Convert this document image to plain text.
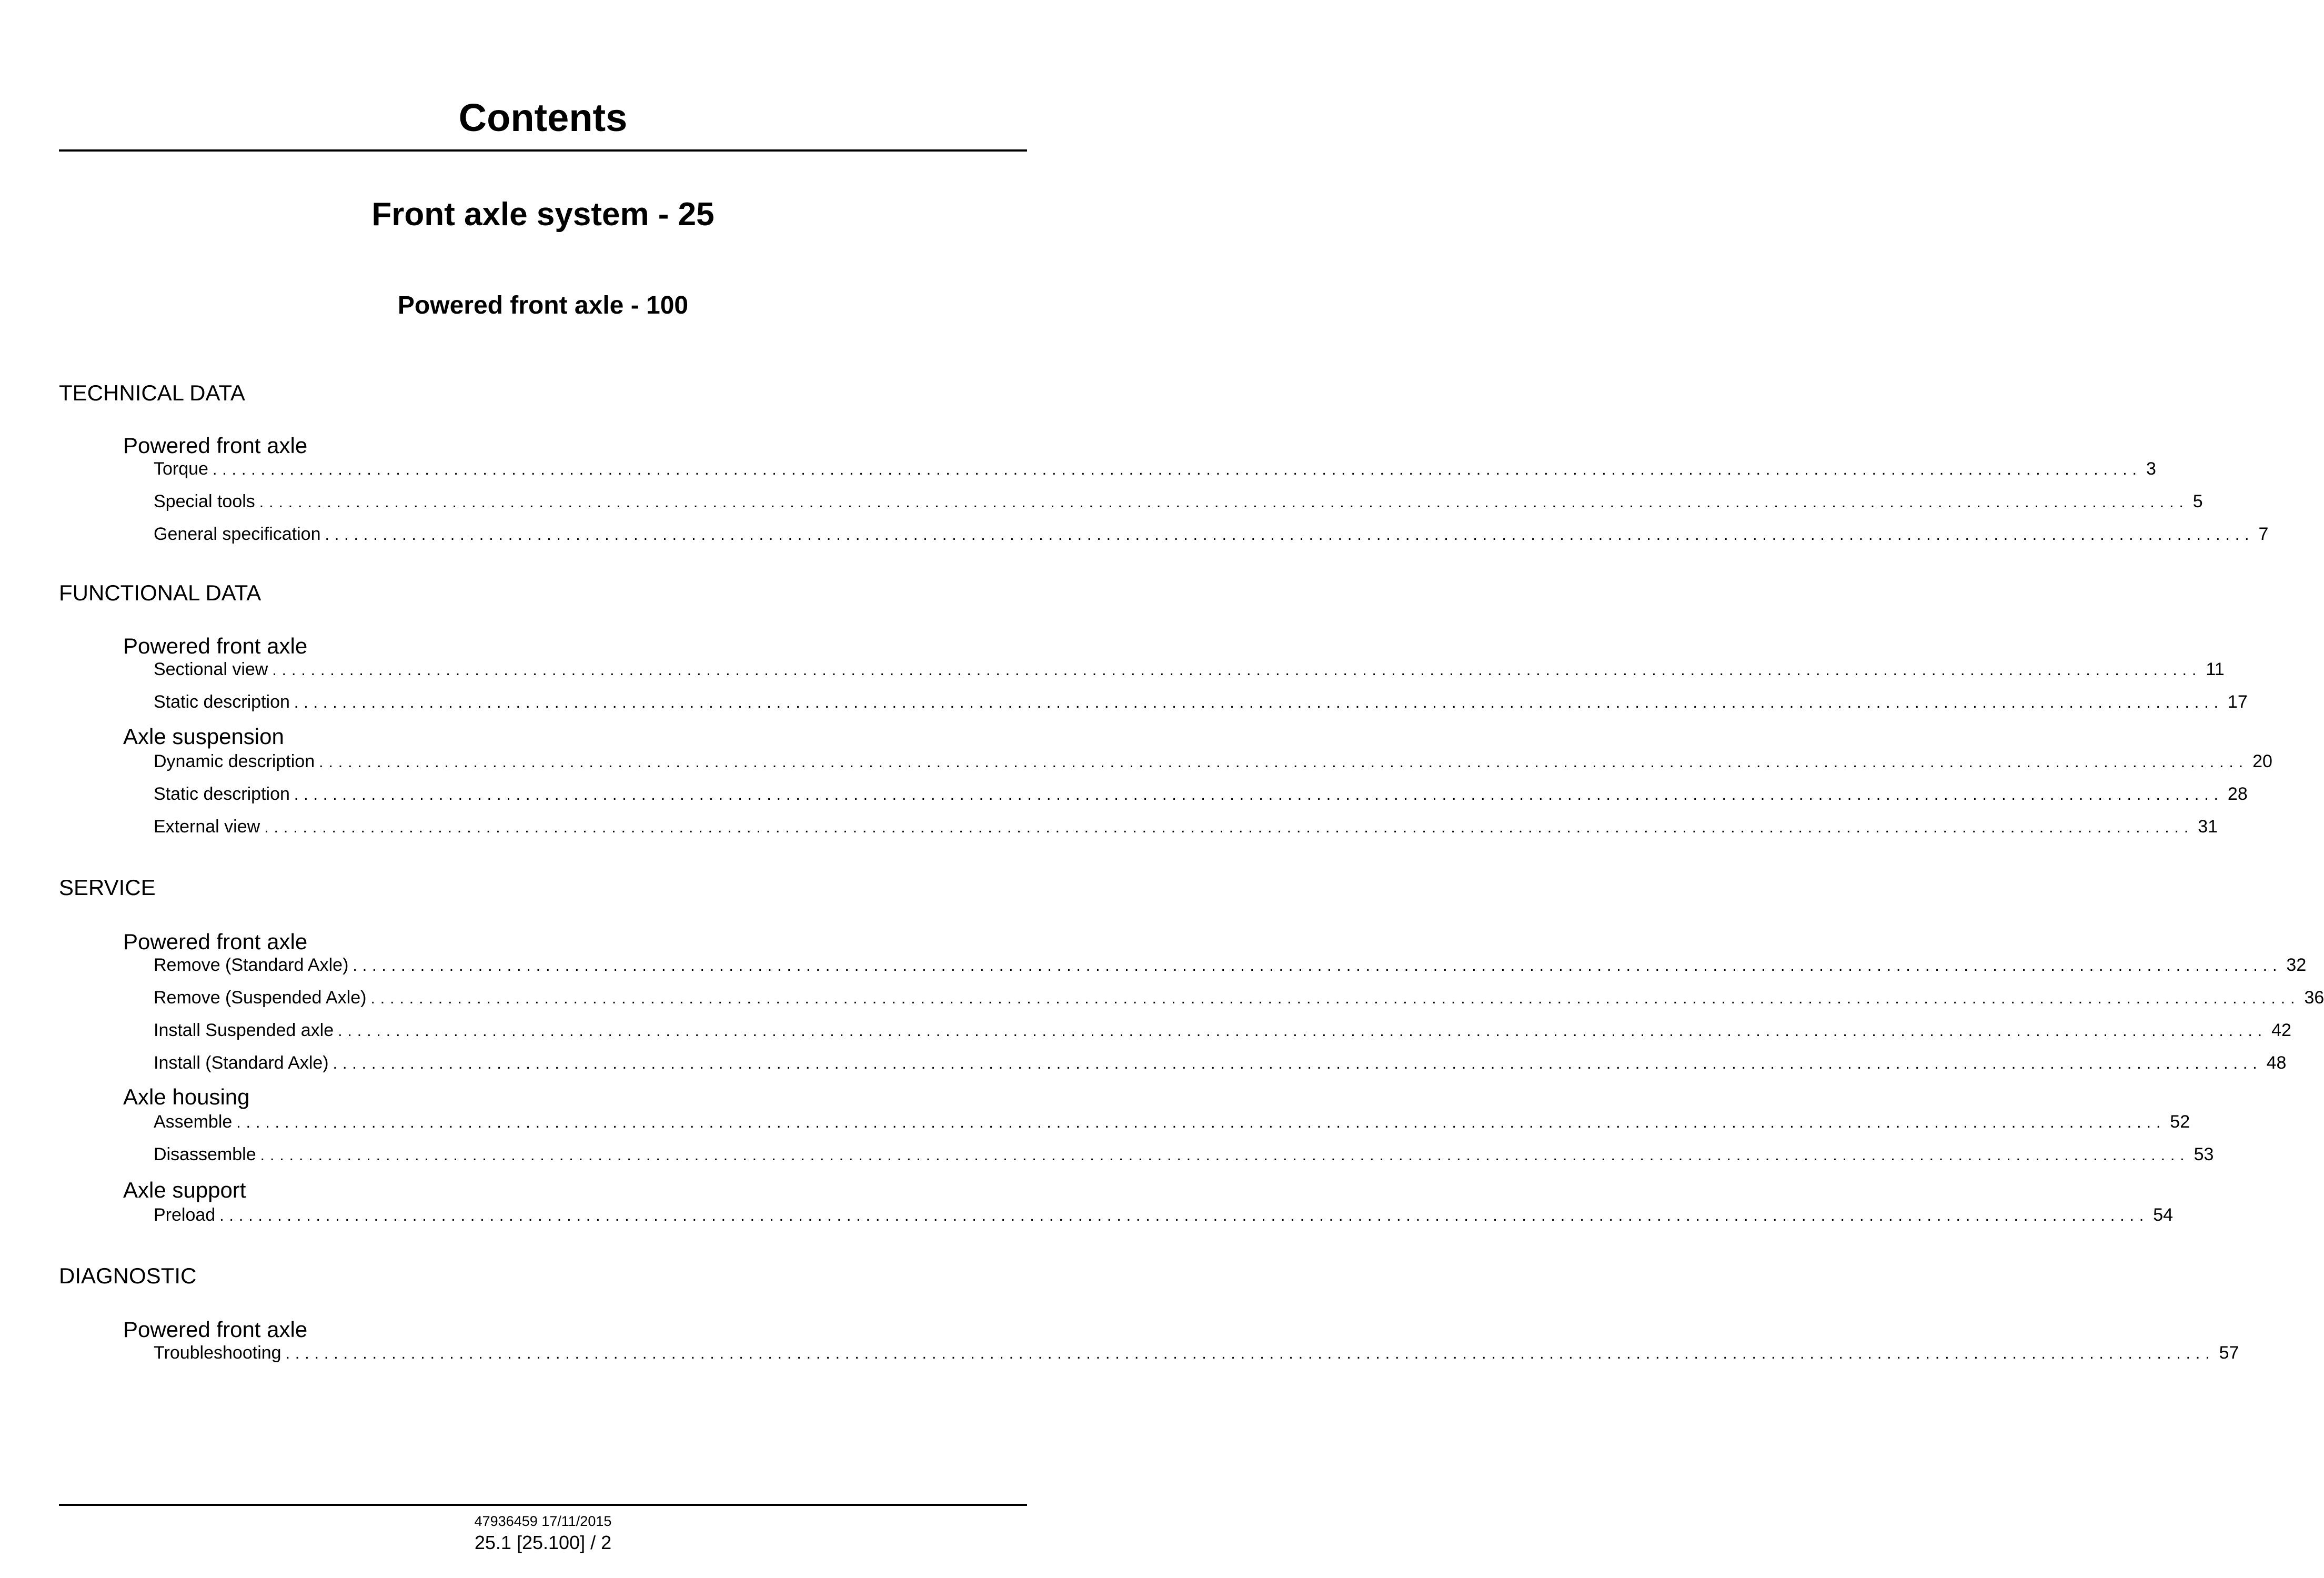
Contents
Front axle system - 25
Powered front axle - 100
TECHNICAL DATA
Powered front axle
Torque ........................................................................................................................................................................................................ 3
Special tools ........................................................................................................................................................................................................ 5
General specification ........................................................................................................................................................................................................ 7
FUNCTIONAL DATA
Powered front axle
Sectional view ........................................................................................................................................................................................................ 11
Static description ........................................................................................................................................................................................................ 17
Axle suspension
Dynamic description ........................................................................................................................................................................................................ 20
Static description ........................................................................................................................................................................................................ 28
External view ........................................................................................................................................................................................................ 31
SERVICE
Powered front axle
Remove (Standard Axle) ........................................................................................................................................................................................................ 32
Remove (Suspended Axle) ........................................................................................................................................................................................................ 36
Install Suspended axle ........................................................................................................................................................................................................ 42
Install (Standard Axle) ........................................................................................................................................................................................................ 48
Axle housing
Assemble ........................................................................................................................................................................................................ 52
Disassemble ........................................................................................................................................................................................................ 53
Axle support
Preload ........................................................................................................................................................................................................ 54
DIAGNOSTIC
Powered front axle
Troubleshooting ........................................................................................................................................................................................................ 57
47936459 17/11/2015
25.1 [25.100] / 2
